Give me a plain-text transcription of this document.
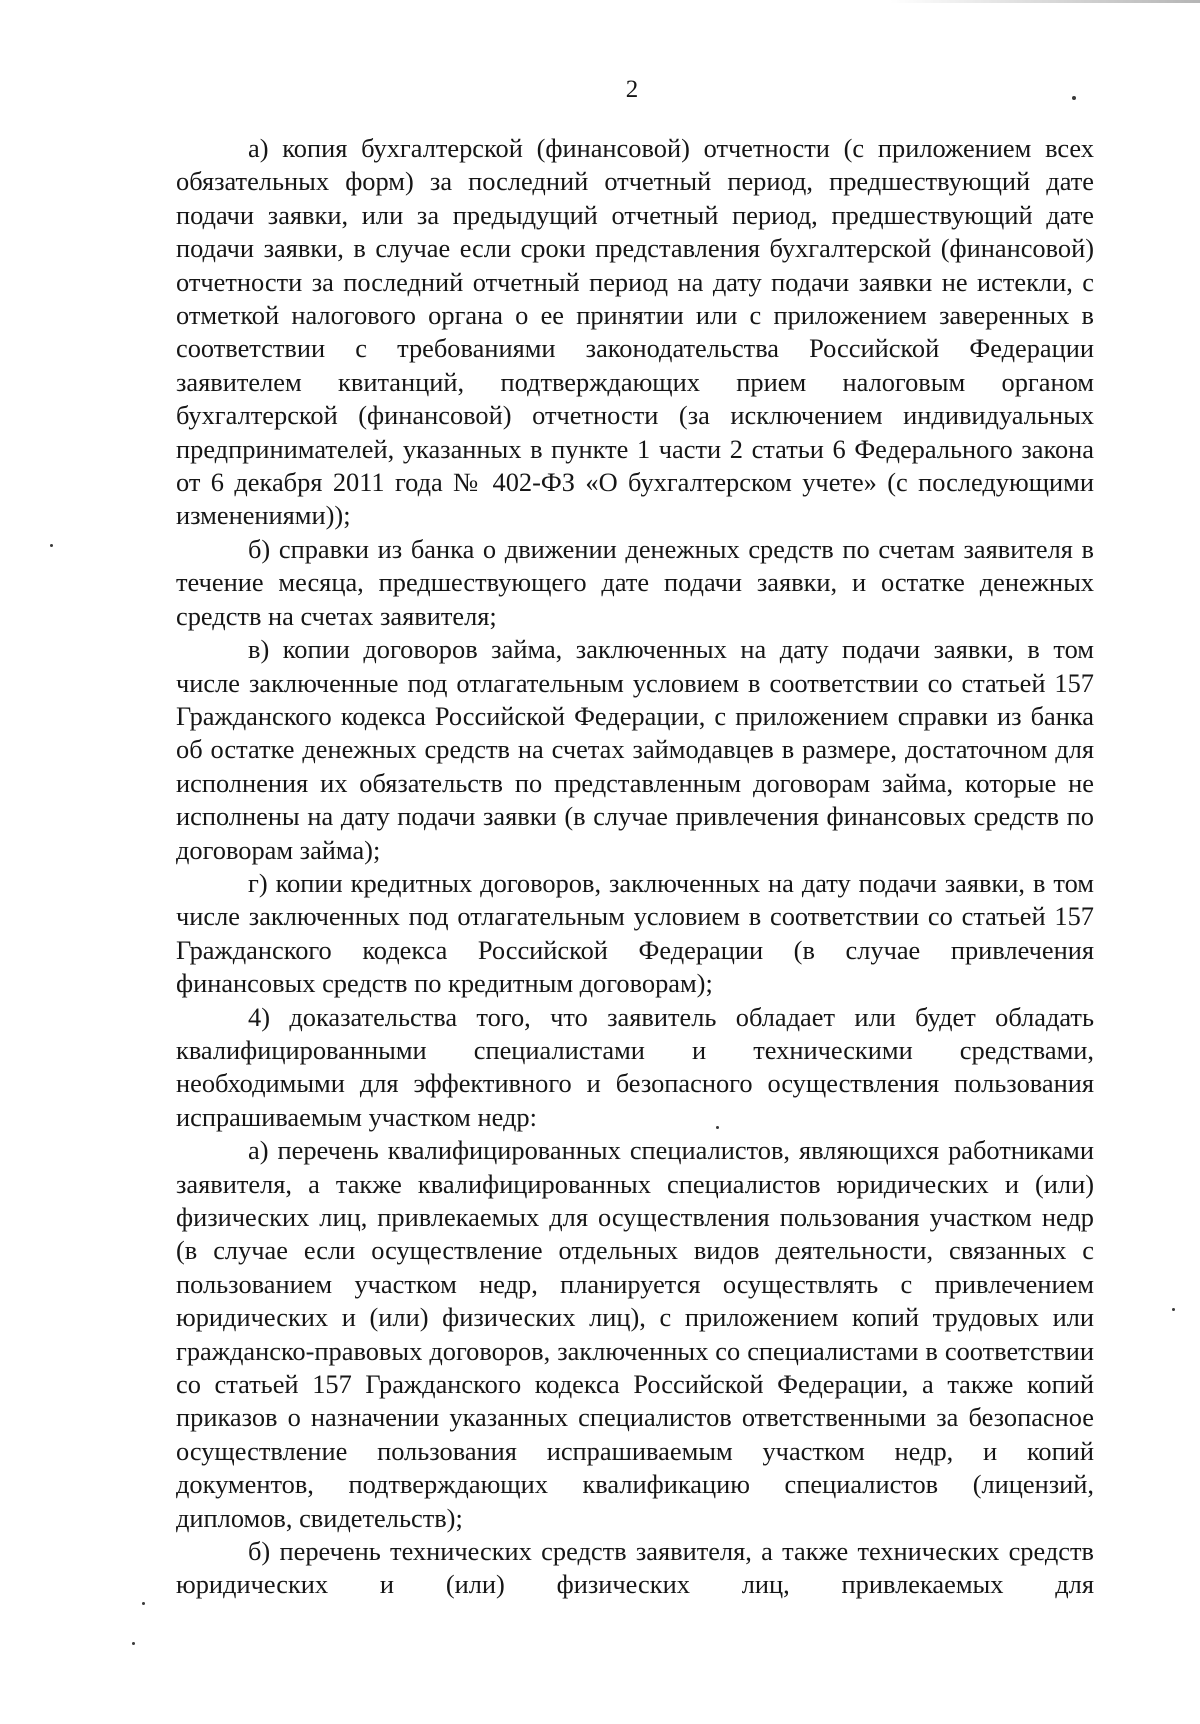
2

а) копия бухгалтерской (финансовой) отчетности (с приложением всех обязательных форм) за последний отчетный период, предшествующий дате подачи заявки, или за предыдущий отчетный период, предшествующий дате подачи заявки, в случае если сроки представления бухгалтерской (финансовой) отчетности за последний отчетный период на дату подачи заявки не истекли, с отметкой налогового органа о ее принятии или с приложением заверенных в соответствии с требованиями законодательства Российской Федерации заявителем квитанций, подтверждающих прием налоговым органом бухгалтерской (финансовой) отчетности (за исключением индивидуальных предпринимателей, указанных в пункте 1 части 2 статьи 6 Федерального закона от 6 декабря 2011 года № 402-ФЗ «О бухгалтерском учете» (с последующими изменениями));

б) справки из банка о движении денежных средств по счетам заявителя в течение месяца, предшествующего дате подачи заявки, и остатке денежных средств на счетах заявителя;

в) копии договоров займа, заключенных на дату подачи заявки, в том числе заключенные под отлагательным условием в соответствии со статьей 157 Гражданского кодекса Российской Федерации, с приложением справки из банка об остатке денежных средств на счетах займодавцев в размере, достаточном для исполнения их обязательств по представленным договорам займа, которые не исполнены на дату подачи заявки (в случае привлечения финансовых средств по договорам займа);

г) копии кредитных договоров, заключенных на дату подачи заявки, в том числе заключенных под отлагательным условием в соответствии со статьей 157 Гражданского кодекса Российской Федерации (в случае привлечения финансовых средств по кредитным договорам);

4) доказательства того, что заявитель обладает или будет обладать квалифицированными специалистами и техническими средствами, необходимыми для эффективного и безопасного осуществления пользования испрашиваемым участком недр:

а) перечень квалифицированных специалистов, являющихся работниками заявителя, а также квалифицированных специалистов юридических и (или) физических лиц, привлекаемых для осуществления пользования участком недр (в случае если осуществление отдельных видов деятельности, связанных с пользованием участком недр, планируется осуществлять с привлечением юридических и (или) физических лиц), с приложением копий трудовых или гражданско-правовых договоров, заключенных со специалистами в соответствии со статьей 157 Гражданского кодекса Российской Федерации, а также копий приказов о назначении указанных специалистов ответственными за безопасное осуществление пользования испрашиваемым участком недр, и копий документов, подтверждающих квалификацию специалистов (лицензий, дипломов, свидетельств);

б) перечень технических средств заявителя, а также технических средств юридических и (или) физических лиц, привлекаемых для
